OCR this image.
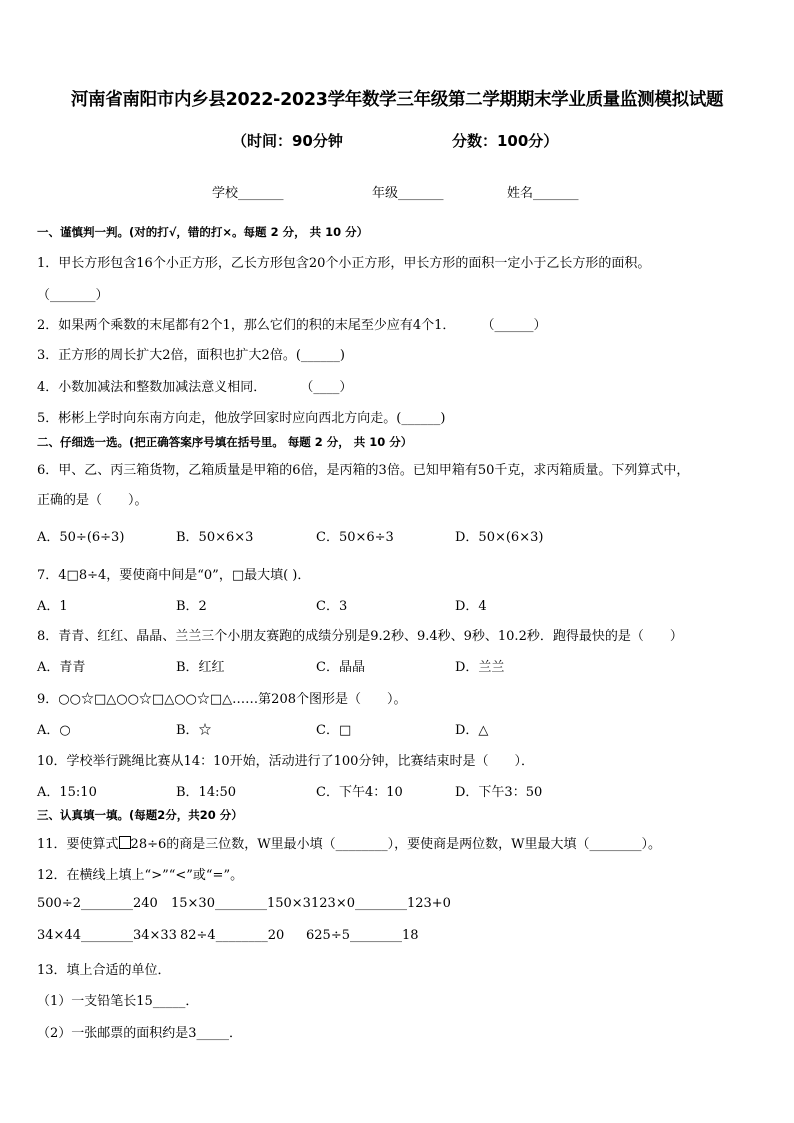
河南省南阳市内乡县2022-2023学年数学三年级第二学期期末学业质量监测模拟试题
（时间：90分钟	分数：100分）
学校_______	年级_______	姓名_______
一、谨慎判一判。(对的打√，错的打×。每题 2 分， 共 10 分）
1．甲长方形包含16个小正方形，乙长方形包含20个小正方形，甲长方形的面积一定小于乙长方形的面积。
（_______）
2．如果两个乘数的末尾都有2个1，那么它们的积的末尾至少应有4个1． （______）
3．正方形的周长扩大2倍，面积也扩大2倍。(______)
4．小数加减法和整数加减法意义相同．	（____）
5．彬彬上学时向东南方向走，他放学回家时应向西北方向走。(______)
二、仔细选一选。(把正确答案序号填在括号里。 每题 2 分， 共 10 分）
6．甲、乙、丙三箱货物，乙箱质量是甲箱的6倍，是丙箱的3倍。已知甲箱有50千克，求丙箱质量。下列算式中，
正确的是（　　）。
A．50÷(6÷3)	B．50×6×3	C．50×6÷3	D．50×(6×3)
7．4□8÷4，要使商中间是“0”，□最大填( )．
A．1	B．2	C．3	D．4
8．青青、红红、晶晶、兰兰三个小朋友赛跑的成绩分别是9.2秒、9.4秒、9秒、10.2秒．跑得最快的是（　　）
A．青青	B．红红	C．晶晶	D．兰兰
9．○○☆□△○○☆□△○○☆□△……第208个图形是（　　）。
A．○	B．☆	C．□	D．△
10．学校举行跳绳比赛从14：10开始，活动进行了100分钟，比赛结束时是（　　）．
A．15:10	B．14:50	C．下午4：10	D．下午3：50
三、认真填一填。(每题2分，共20 分）
11．要使算式 28÷6的商是三位数，W里最小填（________），要使商是两位数，W里最大填（________）。
12．在横线上填上“>”“<”或“=”。
500÷2________240 15×30________150×3 123×0________123+0
34×44________34×33 82÷4________20 625÷5________18
13．填上合适的单位．
（1）一支铅笔长15_____．
（2）一张邮票的面积约是3_____．
